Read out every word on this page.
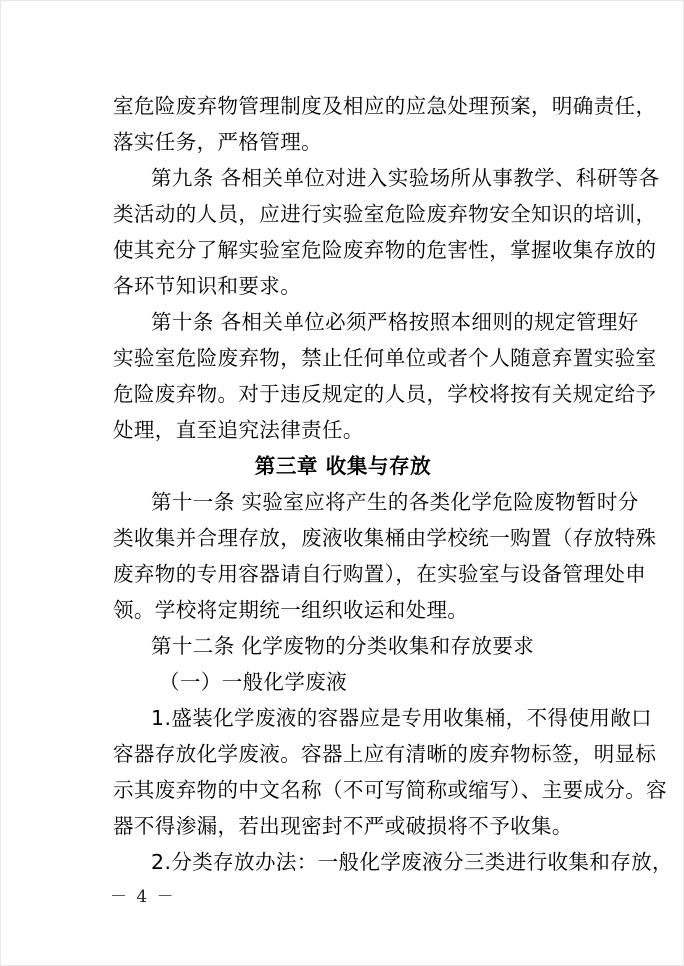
室危险废弃物管理制度及相应的应急处理预案，明确责任，
落实任务，严格管理。
第九条 各相关单位对进入实验场所从事教学、科研等各
类活动的人员，应进行实验室危险废弃物安全知识的培训，
使其充分了解实验室危险废弃物的危害性，掌握收集存放的
各环节知识和要求。
第十条 各相关单位必须严格按照本细则的规定管理好
实验室危险废弃物，禁止任何单位或者个人随意弃置实验室
危险废弃物。对于违反规定的人员，学校将按有关规定给予
处理，直至追究法律责任。
第三章 收集与存放
第十一条 实验室应将产生的各类化学危险废物暂时分
类收集并合理存放，废液收集桶由学校统一购置（存放特殊
废弃物的专用容器请自行购置），在实验室与设备管理处申
领。学校将定期统一组织收运和处理。
第十二条 化学废物的分类收集和存放要求
（一）一般化学废液
1.盛装化学废液的容器应是专用收集桶，不得使用敞口
容器存放化学废液。容器上应有清晰的废弃物标签，明显标
示其废弃物的中文名称（不可写简称或缩写）、主要成分。容
器不得渗漏，若出现密封不严或破损将不予收集。
2.分类存放办法：一般化学废液分三类进行收集和存放，
－ 4 －
